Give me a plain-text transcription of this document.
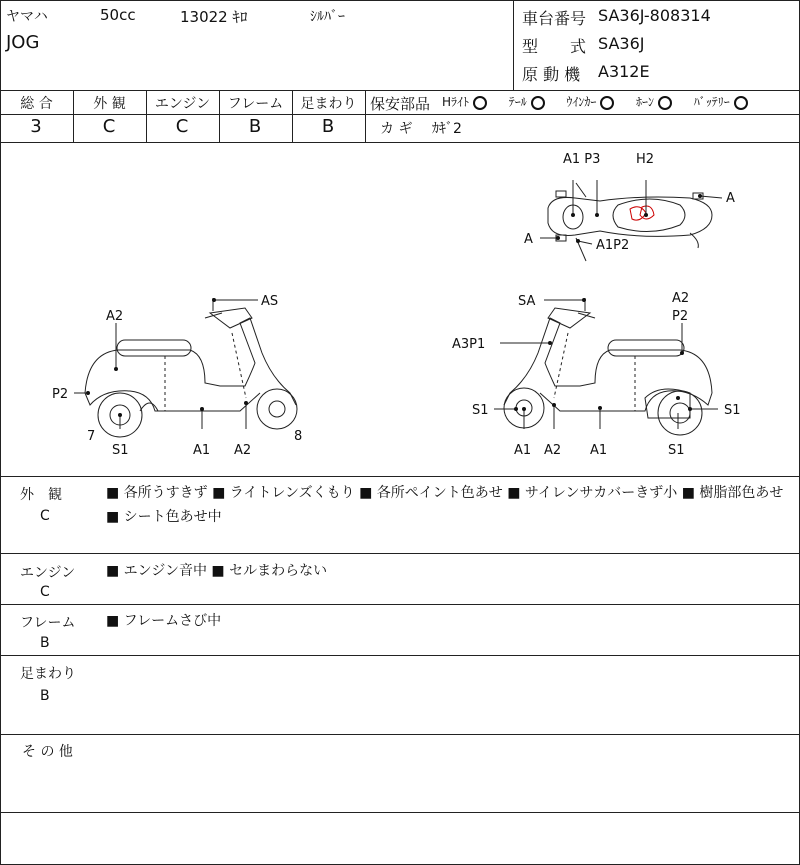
ヤマハ	50cc	13022 ｷﾛ	ｼﾙﾊﾞｰ
JOG
車台番号 SA36J-808314
型　　式 SA36J
原 動 機 A312E
総 合	外 観	エンジン	フレーム	足まわり
3	C	C	B	B
保安部品 Hﾗｲﾄ	ﾃｰﾙ	ｳｲﾝｶｰ	ﾎｰﾝ	ﾊﾞｯﾃﾘｰ
カ ギ ｶｷﾞ2
A1 P3	H2
A
A	A1P2
AS
A2
P2
7
S1	A1 A2
8
SA	A2
P2
A3P1
S1	S1
A1 A2 A1	S1
外　観
C
■ 各所うすきず ■ ライトレンズくもり ■ 各所ペイント色あせ ■ サイレンサカバーきず小 ■ 樹脂部色あせ ■ シート色あせ中
エンジン
C
■ エンジン音中 ■ セルまわらない
フレーム
B
■ フレームさび中
足まわり
B
そ の 他
